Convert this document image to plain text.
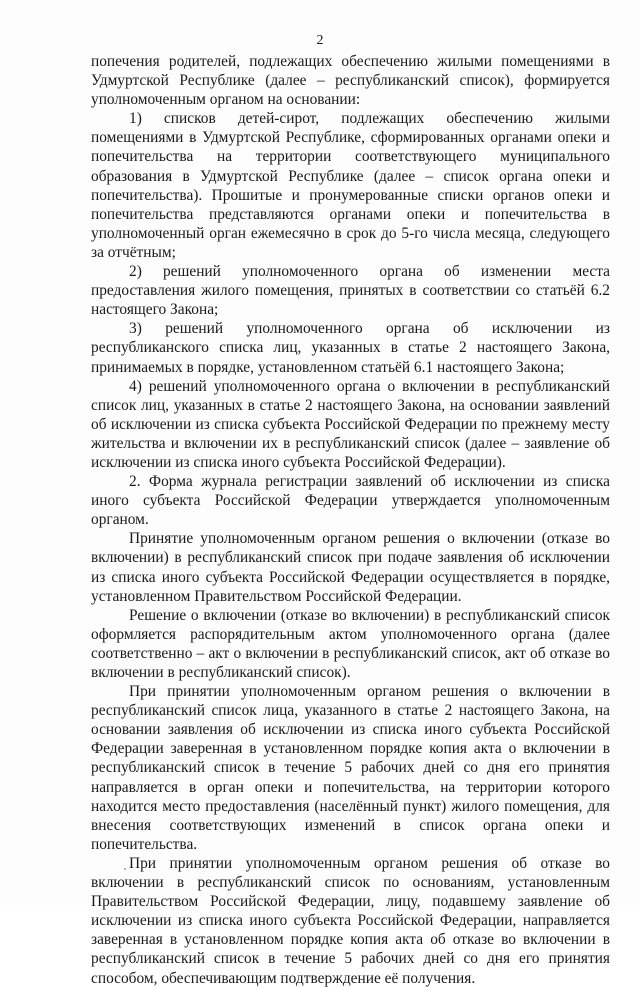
2

попечения родителей, подлежащих обеспечению жилыми помещениями в Удмуртской Республике (далее – республиканский список), формируется уполномоченным органом на основании:

1) списков детей-сирот, подлежащих обеспечению жилыми помещениями в Удмуртской Республике, сформированных органами опеки и попечительства на территории соответствующего муниципального образования в Удмуртской Республике (далее – список органа опеки и попечительства). Прошитые и пронумерованные списки органов опеки и попечительства представляются органами опеки и попечительства в уполномоченный орган ежемесячно в срок до 5-го числа месяца, следующего за отчётным;

2) решений уполномоченного органа об изменении места предоставления жилого помещения, принятых в соответствии со статьёй 6.2 настоящего Закона;

3) решений уполномоченного органа об исключении из республиканского списка лиц, указанных в статье 2 настоящего Закона, принимаемых в порядке, установленном статьёй 6.1 настоящего Закона;

4) решений уполномоченного органа о включении в республиканский список лиц, указанных в статье 2 настоящего Закона, на основании заявлений об исключении из списка субъекта Российской Федерации по прежнему месту жительства и включении их в республиканский список (далее – заявление об исключении из списка иного субъекта Российской Федерации).

2. Форма журнала регистрации заявлений об исключении из списка иного субъекта Российской Федерации утверждается уполномоченным органом.

Принятие уполномоченным органом решения о включении (отказе во включении) в республиканский список при подаче заявления об исключении из списка иного субъекта Российской Федерации осуществляется в порядке, установленном Правительством Российской Федерации.

Решение о включении (отказе во включении) в республиканский список оформляется распорядительным актом уполномоченного органа (далее соответственно – акт о включении в республиканский список, акт об отказе во включении в республиканский список).

При принятии уполномоченным органом решения о включении в республиканский список лица, указанного в статье 2 настоящего Закона, на основании заявления об исключении из списка иного субъекта Российской Федерации заверенная в установленном порядке копия акта о включении в республиканский список в течение 5 рабочих дней со дня его принятия направляется в орган опеки и попечительства, на территории которого находится место предоставления (населённый пункт) жилого помещения, для внесения соответствующих изменений в список органа опеки и попечительства.

При принятии уполномоченным органом решения об отказе во включении в республиканский список по основаниям, установленным Правительством Российской Федерации, лицу, подавшему заявление об исключении из списка иного субъекта Российской Федерации, направляется заверенная в установленном порядке копия акта об отказе во включении в республиканский список в течение 5 рабочих дней со дня его принятия способом, обеспечивающим подтверждение её получения.
